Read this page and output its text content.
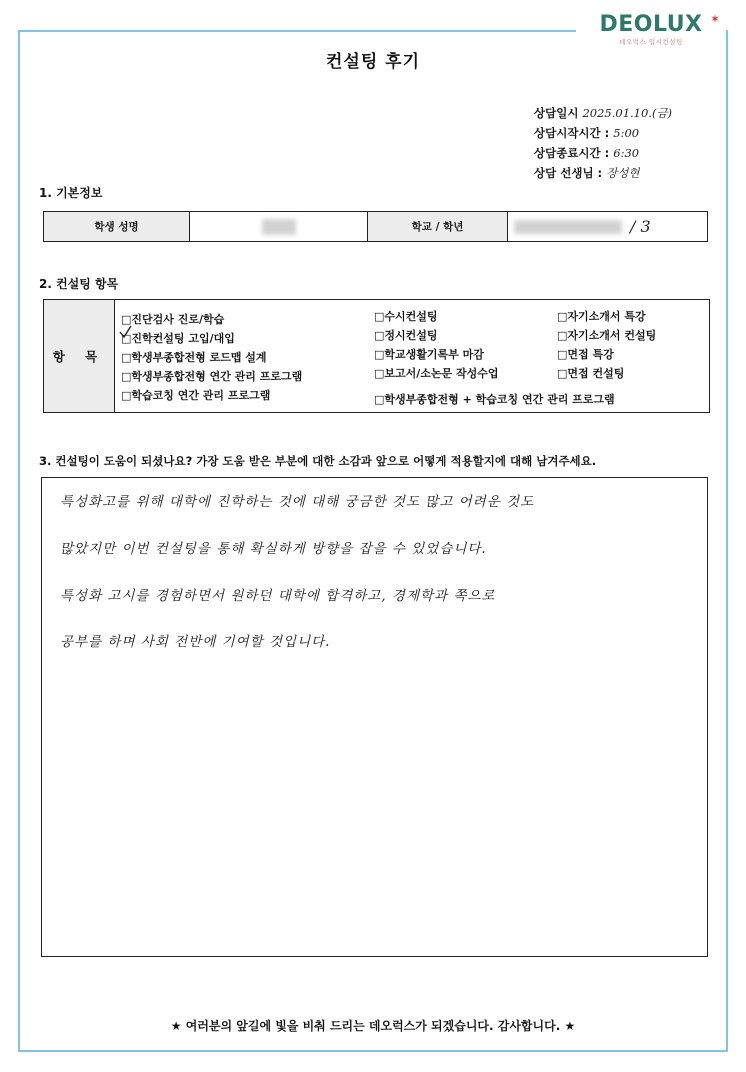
DEOLUX ✶
데오럭스 입시컨설팅
컨설팅 후기
상담일시 2025.01.10.(금)
상담시작시간 : 5:00
상담종료시간 : 6:30
상담 선생님 : 장성현
1. 기본정보
학생 성명	학교 / 학년	/ 3
2. 컨설팅 항목
항 목
□진단검사 진로/학습
□진학컨설팅 고입/대입
□학생부종합전형 로드맵 설계
□학생부종합전형 연간 관리 프로그램
□학습코칭 연간 관리 프로그램
□수시컨설팅
□정시컨설팅
□학교생활기록부 마감
□보고서/소논문 작성수업
□자기소개서 특강
□자기소개서 컨설팅
□면접 특강
□면접 컨설팅
□학생부종합전형 + 학습코칭 연간 관리 프로그램
3. 컨설팅이 도움이 되셨나요? 가장 도움 받은 부분에 대한 소감과 앞으로 어떻게 적용할지에 대해 남겨주세요.
특성화고를 위해 대학에 진학하는 것에 대해 궁금한 것도 많고 어려운 것도
많았지만 이번 컨설팅을 통해 확실하게 방향을 잡을 수 있었습니다.
특성화 고시를 경험하면서 원하던 대학에 합격하고, 경제학과 쪽으로
공부를 하며 사회 전반에 기여할 것입니다.
★ 여러분의 앞길에 빛을 비춰 드리는 데오럭스가 되겠습니다. 감사합니다. ★
